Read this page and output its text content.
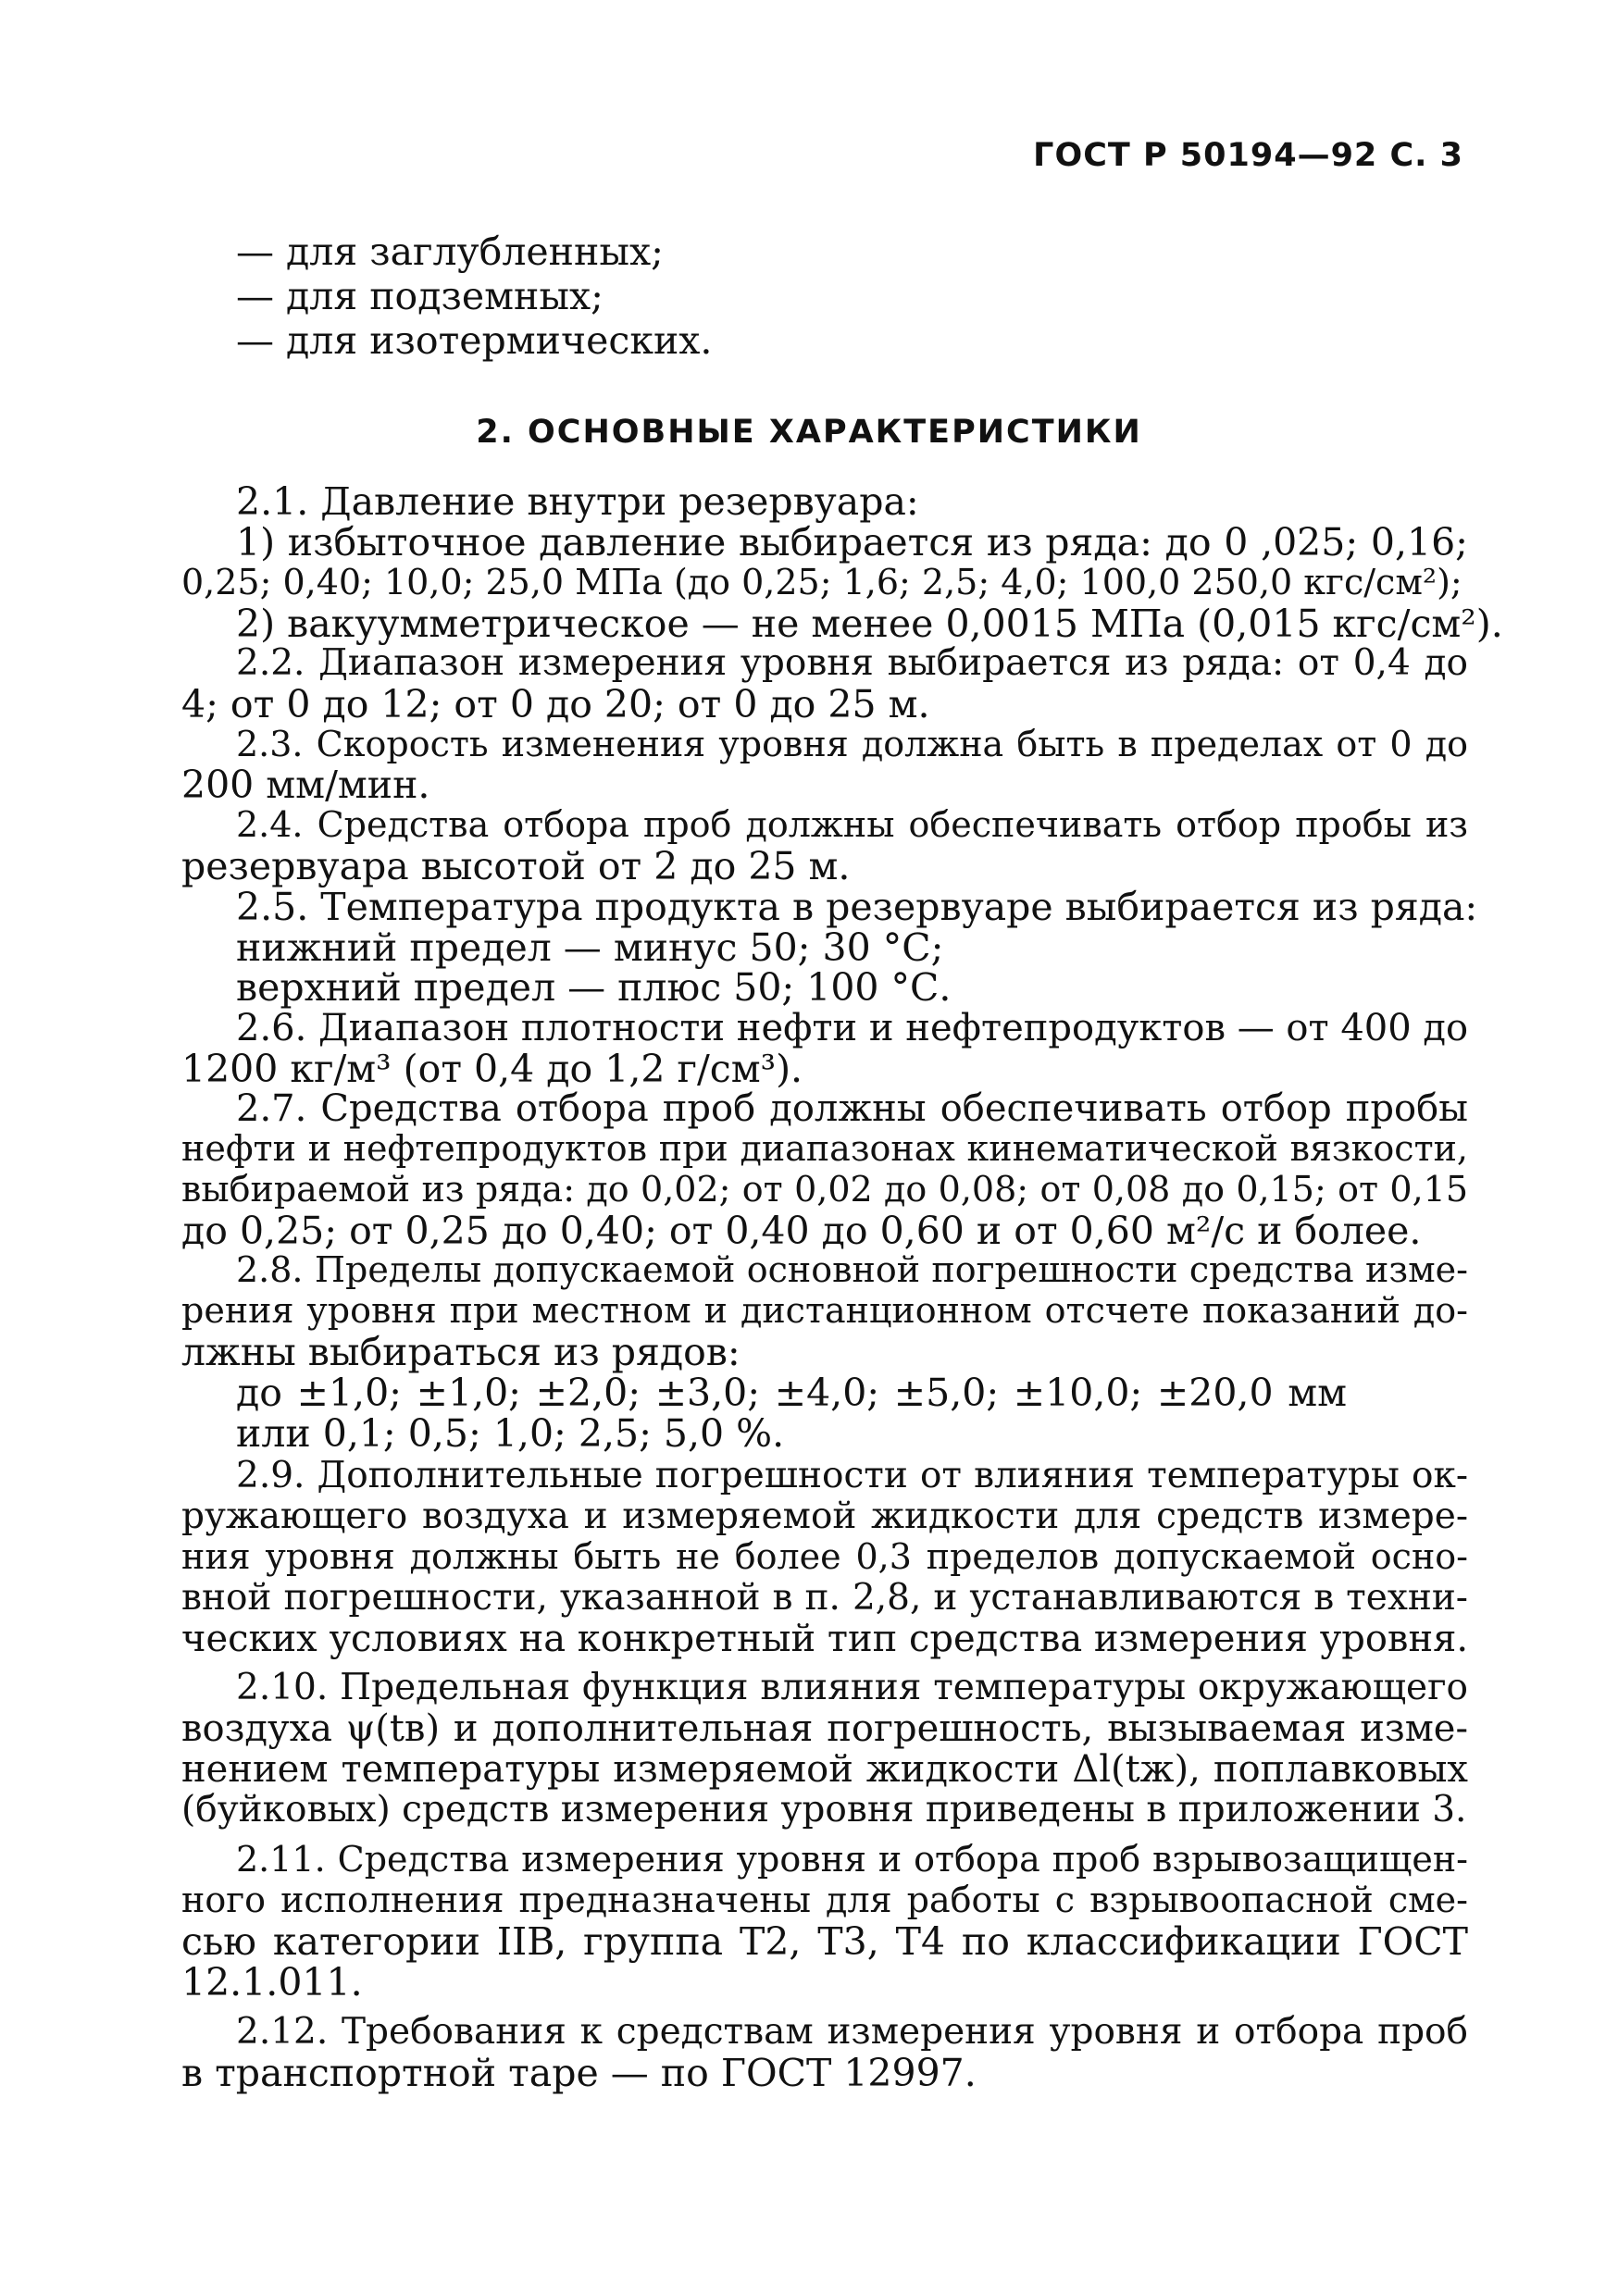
ГОСТ Р 50194—92 С. 3
— для заглубленных;
— для подземных;
— для изотермических.
2. ОСНОВНЫЕ ХАРАКТЕРИСТИКИ
2.1. Давление внутри резервуара:
1) избыточное давление выбирается из ряда: до 0 ,025; 0,16;
0,25; 0,40; 10,0; 25,0 МПа (до 0,25; 1,6; 2,5; 4,0; 100,0 250,0 кгс/см²);
2) вакуумметрическое — не менее 0,0015 МПа (0,015 кгс/см²).
2.2. Диапазон измерения уровня выбирается из ряда: от 0,4 до
4; от 0 до 12; от 0 до 20; от 0 до 25 м.
2.3. Скорость изменения уровня должна быть в пределах от 0 до
200 мм/мин.
2.4. Средства отбора проб должны обеспечивать отбор пробы из
резервуара высотой от 2 до 25 м.
2.5. Температура продукта в резервуаре выбирается из ряда:
нижний предел — минус 50; 30 °С;
верхний предел — плюс 50; 100 °С.
2.6. Диапазон плотности нефти и нефтепродуктов — от 400 до
1200 кг/м³ (от 0,4 до 1,2 г/см³).
2.7. Средства отбора проб должны обеспечивать отбор пробы
нефти и нефтепродуктов при диапазонах кинематической вязкости,
выбираемой из ряда: до 0,02; от 0,02 до 0,08; от 0,08 до 0,15; от 0,15
до 0,25; от 0,25 до 0,40; от 0,40 до 0,60 и от 0,60 м²/с и более.
2.8. Пределы допускаемой основной погрешности средства изме-
рения уровня при местном и дистанционном отсчете показаний до-
лжны выбираться из рядов:
до ±1,0; ±1,0; ±2,0; ±3,0; ±4,0; ±5,0; ±10,0; ±20,0 мм
или 0,1; 0,5; 1,0; 2,5; 5,0 %.
2.9. Дополнительные погрешности от влияния температуры ок-
ружающего воздуха и измеряемой жидкости для средств измере-
ния уровня должны быть не более 0,3 пределов допускаемой осно-
вной погрешности, указанной в п. 2,8, и устанавливаются в техни-
ческих условиях на конкретный тип средства измерения уровня.
2.10. Предельная функция влияния температуры окружающего
воздуха ψ(tв) и дополнительная погрешность, вызываемая изме-
нением температуры измеряемой жидкости Δl(tж), поплавковых
(буйковых) средств измерения уровня приведены в приложении 3.
2.11. Средства измерения уровня и отбора проб взрывозащищен-
ного исполнения предназначены для работы с взрывоопасной сме-
сью категории IIВ, группа Т2, Т3, Т4 по классификации ГОСТ
12.1.011.
2.12. Требования к средствам измерения уровня и отбора проб
в транспортной таре — по ГОСТ 12997.
